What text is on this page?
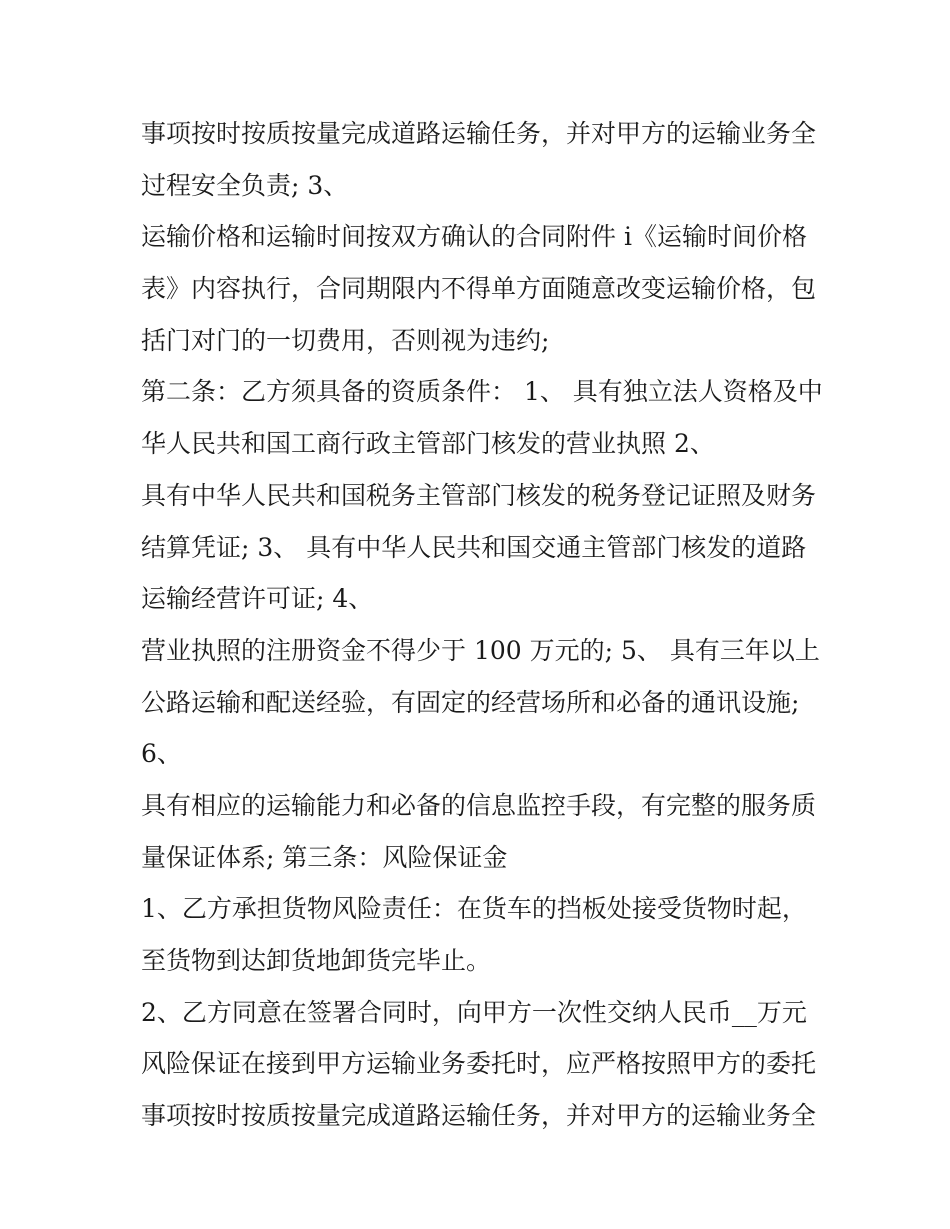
事项按时按质按量完成道路运输任务，并对甲方的运输业务全
过程安全负责; 3、
运输价格和运输时间按双方确认的合同附件 i《运输时间价格
表》内容执行，合同期限内不得单方面随意改变运输价格，包
括门对门的一切费用，否则视为违约;
第二条：乙方须具备的资质条件： 1、 具有独立法人资格及中
华人民共和国工商行政主管部门核发的营业执照 2、
具有中华人民共和国税务主管部门核发的税务登记证照及财务
结算凭证; 3、 具有中华人民共和国交通主管部门核发的道路
运输经营许可证; 4、
营业执照的注册资金不得少于 100 万元的; 5、 具有三年以上
公路运输和配送经验，有固定的经营场所和必备的通讯设施;
6、
具有相应的运输能力和必备的信息监控手段，有完整的服务质
量保证体系; 第三条：风险保证金
1、乙方承担货物风险责任：在货车的挡板处接受货物时起，
至货物到达卸货地卸货完毕止。
2、乙方同意在签署合同时，向甲方一次性交纳人民币__万元
风险保证在接到甲方运输业务委托时，应严格按照甲方的委托
事项按时按质按量完成道路运输任务，并对甲方的运输业务全
